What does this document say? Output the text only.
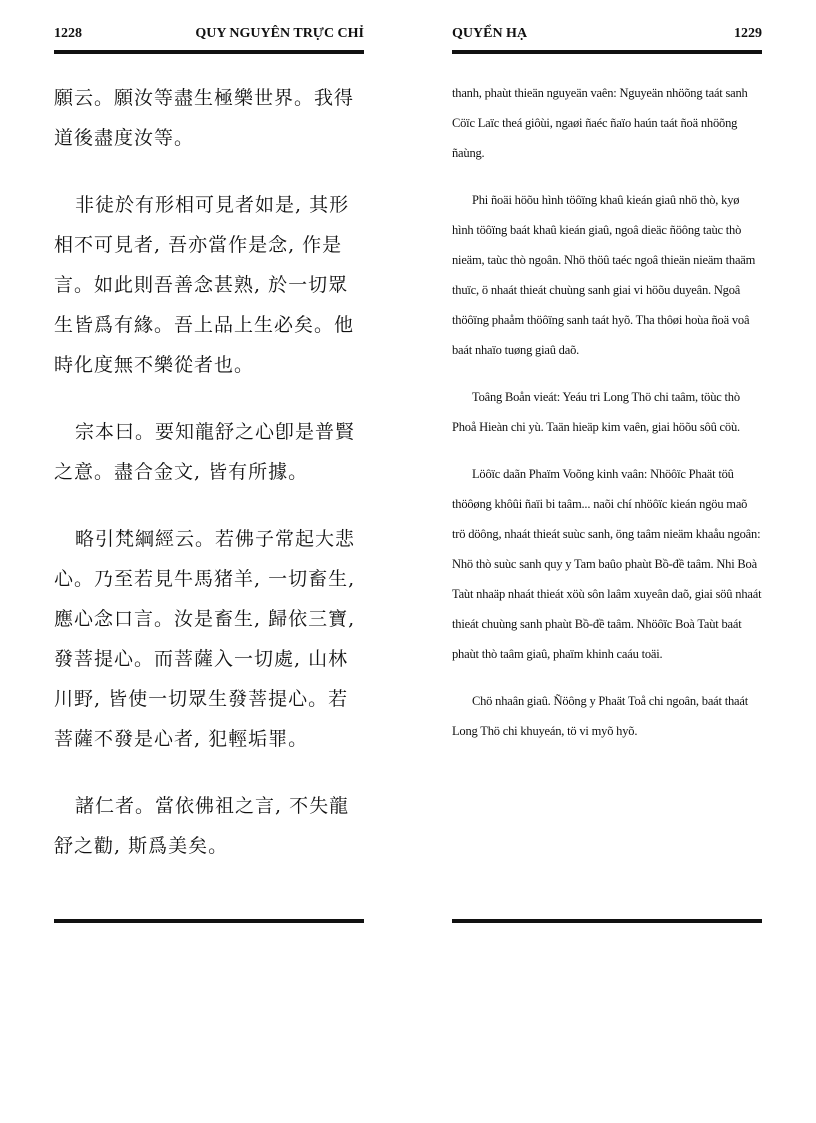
1228	QUY NGUYÊN TRỰC CHỈ

願云。願汝等盡生極樂世界。我得道後盡度汝等。

非徒於有形相可見者如是, 其形相不可見者, 吾亦當作是念, 作是言。如此則吾善念甚熟, 於一切眾生皆爲有緣。吾上品上生必矣。他時化度無不樂從者也。

宗本曰。要知龍舒之心卽是普賢之意。盡合金文, 皆有所據。

略引梵綱經云。若佛子常起大悲心。乃至若見牛馬猪羊, 一切畜生, 應心念口言。汝是畜生, 歸依三寶, 發菩提心。而菩薩入一切處, 山林川野, 皆使一切眾生發菩提心。若菩薩不發是心者, 犯輕垢罪。

諸仁者。當依佛祖之言, 不失龍舒之勸, 斯爲美矣。

QUYỂN HẠ	1229

thanh, phaùt thieän nguyeän vaên: Nguyeän nhöõng taát sanh Cöïc Laïc theá giôùi, ngaøi ñaéc ñaïo haún taát ñoä nhöõng ñaùng.

Phi ñoäi höõu hình töôïng khaû kieán giaû nhö thò, kyø hình töôïng baát khaû kieán giaû, ngoâ dieäc ñöông taùc thò nieäm, taùc thò ngoân. Nhö thöû taéc ngoâ thieän nieäm thaäm thuïc, ö nhaát thieát chuùng sanh giai vi höõu duyeân. Ngoâ thöôïng phaåm thöôïng sanh taát hyõ. Tha thôøi hoùa ñoä voâ baát nhaïo tuøng giaû daõ.

Toâng Boån vieát: Yeáu tri Long Thö chi taâm, töùc thò Phoå Hieàn chi yù. Taän hieäp kim vaên, giai höõu sôû cöù.

Löôïc daãn Phaïm Voõng kinh vaân: Nhöôïc Phaät töû thöôøng khôûi ñaïi bi taâm... naõi chí nhöôïc kieán ngöu maõ trö döông, nhaát thieát suùc sanh, öng taâm nieäm khaåu ngoân: Nhö thò suùc sanh quy y Tam baûo phaùt Bồ-đề taâm. Nhi Boà Taùt nhaäp nhaát thieát xöù sôn laâm xuyeân daõ, giai söû nhaát thieát chuùng sanh phaùt Bồ-đề taâm. Nhöôïc Boà Taùt baát phaùt thò taâm giaû, phaïm khinh caáu toäi.

Chö nhaân giaû. Ñöông y Phaät Toå chi ngoân, baát thaát Long Thö chi khuyeán, tö vi myõ hyõ.
